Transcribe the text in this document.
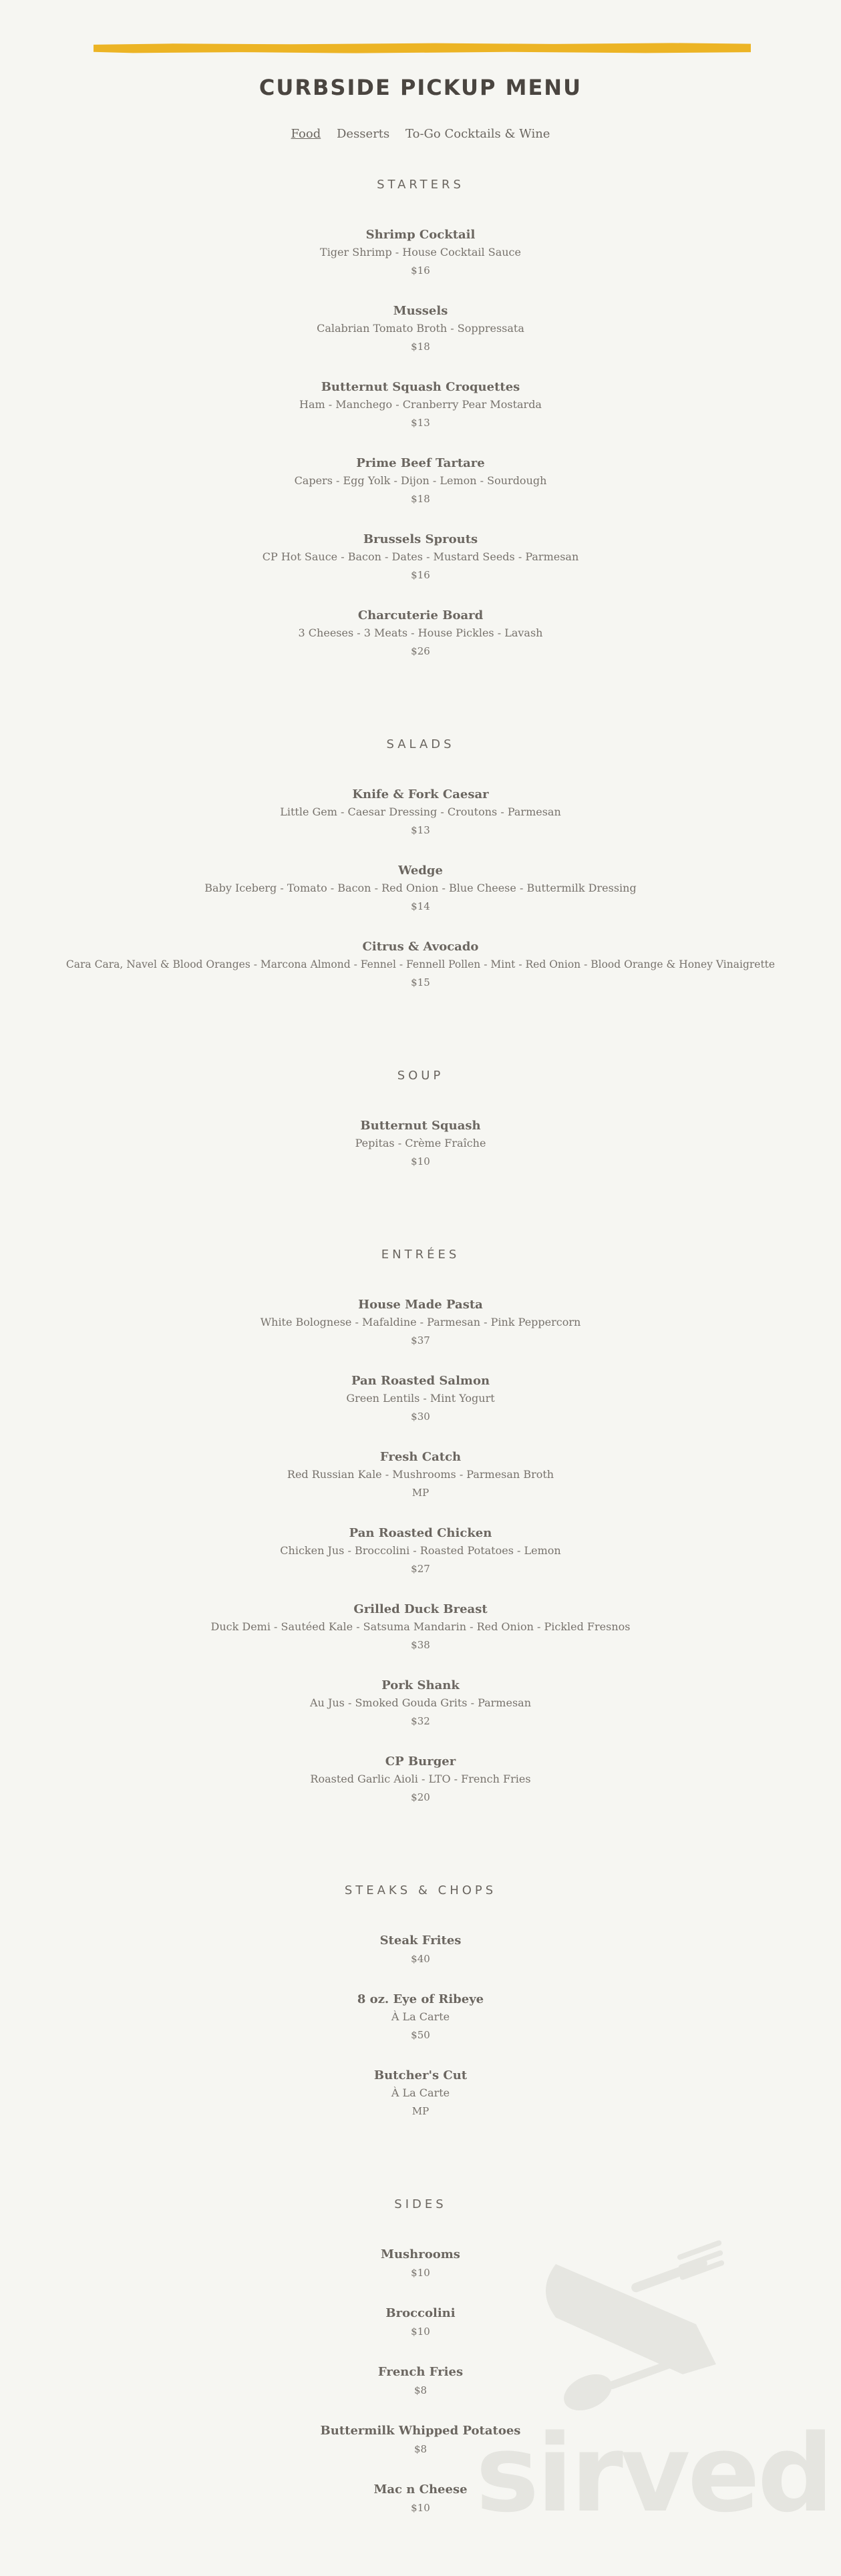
CURBSIDE PICKUP MENU
Food Desserts To-Go Cocktails & Wine
STARTERS
Shrimp Cocktail
Tiger Shrimp - House Cocktail Sauce
$16
Mussels
Calabrian Tomato Broth - Soppressata
$18
Butternut Squash Croquettes
Ham - Manchego - Cranberry Pear Mostarda
$13
Prime Beef Tartare
Capers - Egg Yolk - Dijon - Lemon - Sourdough
$18
Brussels Sprouts
CP Hot Sauce - Bacon - Dates - Mustard Seeds - Parmesan
$16
Charcuterie Board
3 Cheeses - 3 Meats - House Pickles - Lavash
$26
SALADS
Knife & Fork Caesar
Little Gem - Caesar Dressing - Croutons - Parmesan
$13
Wedge
Baby Iceberg - Tomato - Bacon - Red Onion - Blue Cheese - Buttermilk Dressing
$14
Citrus & Avocado
Cara Cara, Navel & Blood Oranges - Marcona Almond - Fennel - Fennell Pollen - Mint - Red Onion - Blood Orange & Honey Vinaigrette
$15
SOUP
Butternut Squash
Pepitas - Crème Fraîche
$10
ENTRÉES
House Made Pasta
White Bolognese - Mafaldine - Parmesan - Pink Peppercorn
$37
Pan Roasted Salmon
Green Lentils - Mint Yogurt
$30
Fresh Catch
Red Russian Kale - Mushrooms - Parmesan Broth
MP
Pan Roasted Chicken
Chicken Jus - Broccolini - Roasted Potatoes - Lemon
$27
Grilled Duck Breast
Duck Demi - Sautéed Kale - Satsuma Mandarin - Red Onion - Pickled Fresnos
$38
Pork Shank
Au Jus - Smoked Gouda Grits - Parmesan
$32
CP Burger
Roasted Garlic Aioli - LTO - French Fries
$20
STEAKS & CHOPS
Steak Frites
$40
8 oz. Eye of Ribeye
À La Carte
$50
Butcher's Cut
À La Carte
MP
SIDES
Mushrooms
$10
Broccolini
$10
French Fries
$8
Buttermilk Whipped Potatoes
$8
Mac n Cheese
$10 sirved
